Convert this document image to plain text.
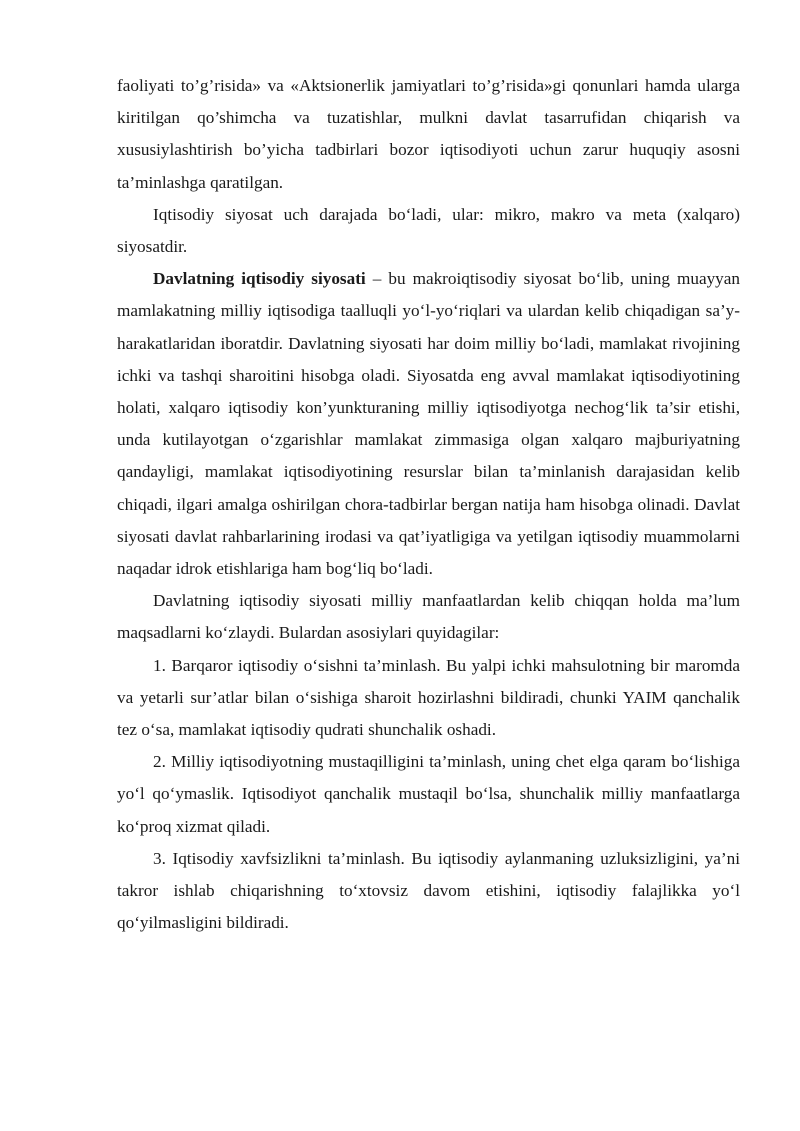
faoliyati to’g’risida» va «Aktsionerlik jamiyatlari to’g’risida»gi qonunlari hamda ularga kiritilgan qo’shimcha va tuzatishlar, mulkni davlat tasarrufidan chiqarish va xususiylashtirish bo’yicha tadbirlari bozor iqtisodiyoti uchun zarur huquqiy asosni ta’minlashga qaratilgan.

Iqtisodiy siyosat uch darajada bo‘ladi, ular: mikro, makro va meta (xalqaro) siyosatdir.

Davlatning iqtisodiy siyosati – bu makroiqtisodiy siyosat bo‘lib, uning muayyan mamlakatning milliy iqtisodiga taalluqli yo‘l-yo‘riqlari va ulardan kelib chiqadigan sa’y-harakatlaridan iboratdir. Davlatning siyosati har doim milliy bo‘ladi, mamlakat rivojining ichki va tashqi sharoitini hisobga oladi. Siyosatda eng avval mamlakat iqtisodiyotining holati, xalqaro iqtisodiy kon’yunkturaning milliy iqtisodiyotga nechog‘lik ta’sir etishi, unda kutilayotgan o‘zgarishlar mamlakat zimmasiga olgan xalqaro majburiyatning qandayligi, mamlakat iqtisodiyotining resurslar bilan ta’minlanish darajasidan kelib chiqadi, ilgari amalga oshirilgan chora-tadbirlar bergan natija ham hisobga olinadi. Davlat siyosati davlat rahbarlarining irodasi va qat’iyatligiga va yetilgan iqtisodiy muammolarni naqadar idrok etishlariga ham bog‘liq bo‘ladi.

Davlatning iqtisodiy siyosati milliy manfaatlardan kelib chiqqan holda ma’lum maqsadlarni ko‘zlaydi. Bulardan asosiylari quyidagilar:

1. Barqaror iqtisodiy o‘sishni ta’minlash. Bu yalpi ichki mahsulotning bir maromda va yetarli sur’atlar bilan o‘sishiga sharoit hozirlashni bildiradi, chunki YAIM qanchalik tez o‘sa, mamlakat iqtisodiy qudrati shunchalik oshadi.

2. Milliy iqtisodiyotning mustaqilligini ta’minlash, uning chet elga qaram bo‘lishiga yo‘l qo‘ymaslik. Iqtisodiyot qanchalik mustaqil bo‘lsa, shunchalik milliy manfaatlarga ko‘proq xizmat qiladi.

3. Iqtisodiy xavfsizlikni ta’minlash. Bu iqtisodiy aylanmaning uzluksizligini, ya’ni takror ishlab chiqarishning to‘xtovsiz davom etishini, iqtisodiy falajlikka yo‘l qo‘yilmasligini bildiradi.
